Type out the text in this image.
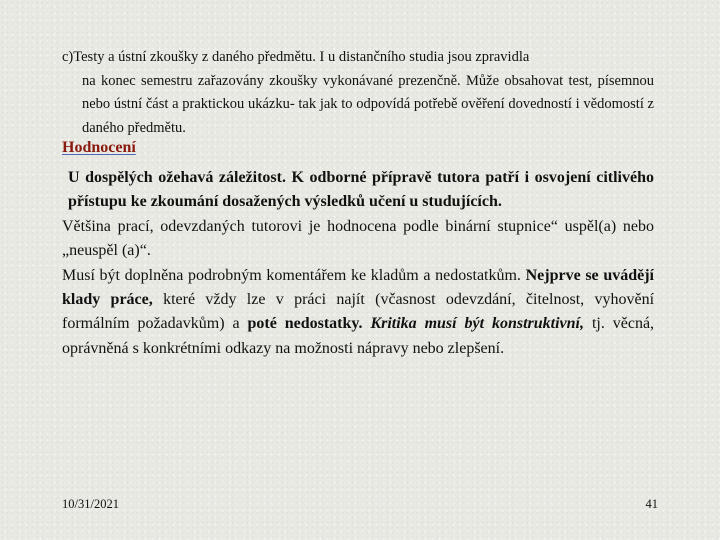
c)Testy a ústní zkoušky z daného předmětu. I u distančního studia jsou zpravidla
na konec semestru zařazovány zkoušky vykonávané prezenčně. Může obsahovat test, písemnou nebo ústní část a praktickou ukázku- tak jak to odpovídá potřebě ověření dovedností i vědomostí z daného předmětu.
Hodnocení

U dospělých ožehavá záležitost. K odborné přípravě tutora patří i osvojení citlivého přístupu ke zkoumání dosažených výsledků učení u studujících.

Většina prací, odevzdaných tutorovi je hodnocena podle binární stupnice“ uspěl(a) nebo „neuspěl (a)“.

Musí být doplněna podrobným komentářem ke kladům a nedostatkům. Nejprve se uvádějí klady práce, které vždy lze v práci najít (včasnost odevzdání, čitelnost, vyhovění formálním požadavkům) a poté nedostatky. Kritika musí být konstruktivní, tj. věcná, oprávněná s konkrétními odkazy na možnosti nápravy nebo zlepšení.

10/31/2021	41
